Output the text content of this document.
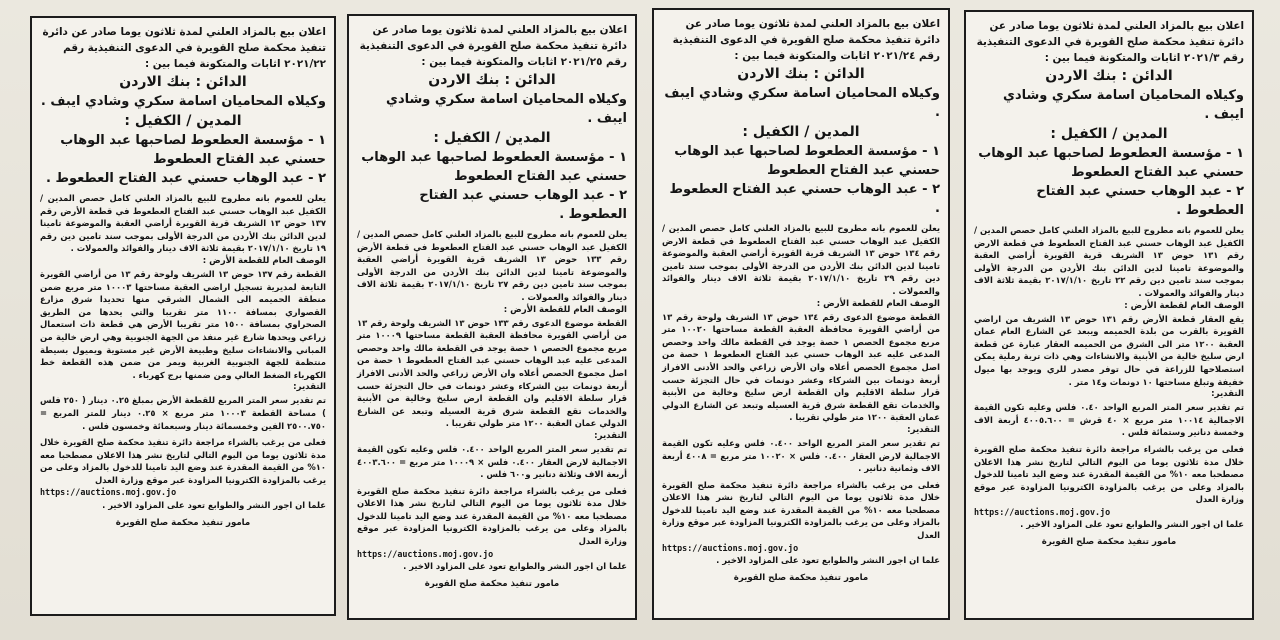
اعلان بيع بالمزاد العلني لمدة ثلاثون يوما صادر عن دائرة تنفيذ محكمة صلح القويرة في الدعوى التنفيذية رقم ٢٠٢١/٣ اثابات والمتكونة فيما بين :
الدائن : بنك الاردن
وكيلاه المحاميان اسامة سكري وشادي ايبف .
المدين / الكفيل :
١ - مؤسسة العطعوط لصاحبها عبد الوهاب حسني عبد الفتاح العطعوط
٢ - عبد الوهاب حسني عبد الفتاح العطعوط .
يعلن للعموم بانه مطروح للبيع بالمزاد العلني كامل حصص المدين / الكفيل عبد الوهاب حسني عبد الفتاح العطعوط في قطعة الارض رقم ١٣١ حوض ١٣ الشريف قرية القويرة أراضي العقبة والموضوعة تامينا لدين الدائن بنك الأردن من الدرجة الأولى بموجب سند تامين دين رقم ٢٢ تاريخ ٢٠١٧/١/١٠ بقيمة ثلاثة الاف دينار والفوائد والعمولات .
الوصف العام لقطعة الأرض :
يقع العقار قطعة الأرض رقم ١٣١ حوض ١٣ الشريف من اراضي القويرة بالقرب من بلدة الحميمه ويبعد عن الشارع العام عمان العقبة ١٢٠٠ متر الى الشرق من الحميمه العقار عبارة عن قطعة ارض سليخ خالية من الأبنية والانشاءات وهي ذات تربة رملية يمكن استصلاحها للزراعة في حال توفر مصدر للري ويوجد بها ميول خفيفة وتبلغ مساحتها ١٠ دونمات و١٤ متر .
التقدير:
تم تقدير سعر المتر المربع الواحد ٠.٤٠ فلس وعليه تكون القيمة الاجمالية ١٠٠١٤ متر مربع × ٤٠ قرش = ٤٠٠٥.٦٠٠ أربعة الاف وخمسة دنانير وستمائة فلس .
فعلى من يرغب بالشراء مراجعة دائرة تنفيذ محكمة صلح القويرة خلال مدة ثلاثون يوما من اليوم التالي لتاريخ نشر هذا الاعلان مصطحبا معه ١٠% من القيمة المقدرة عند وضع اليد تامينا للدخول بالمزاد وعلى من يرغب بالمزاودة الكترونيا المزاودة عبر موقع وزارة العدل
https://auctions.moj.gov.jo
علما ان اجور النشر والطوابع تعود على المزاود الاخير .
مامور تنفيذ محكمة صلح القويرة
اعلان بيع بالمزاد العلني لمدة ثلاثون يوما صادر عن دائرة تنفيذ محكمة صلح القويرة في الدعوى التنفيذية رقم ٢٠٢١/٢٤ اثابات والمتكونة فيما بين :
الدائن : بنك الاردن
وكيلاه المحاميان اسامة سكري وشادي ايبف .
المدين / الكفيل :
١ - مؤسسة العطعوط لصاحبها عبد الوهاب حسني عبد الفتاح العطعوط
٢ - عبد الوهاب حسني عبد الفتاح العطعوط .
يعلن للعموم بانه مطروح للبيع بالمزاد العلني كامل حصص المدين / الكفيل عبد الوهاب حسني عبد الفتاح العطعوط في قطعة الارض رقم ١٣٤ حوض ١٣ الشريف قرية القويرة أراضي العقبة والموضوعة تامينا لدين الدائن بنك الأردن من الدرجة الأولى بموجب سند تامين دين رقم ٢٩ تاريخ ٢٠١٧/١/١٠ بقيمة ثلاثة الاف دينار والفوائد والعمولات .
الوصف العام للقطعة الأرض :
القطعة موضوع الدعوى رقم ١٣٤ حوض ١٣ الشريف ولوحة رقم ١٣ من أراضي القويرة محافظة العقبة القطعة مساحتها ١٠٠٢٠ متر مربع مجموع الحصص ١ حصة يوجد في القطعة مالك واحد وحصص المدعى عليه عبد الوهاب حسني عبد الفتاح العطعوط ١ حصة من اصل مجموع الحصص أعلاه وان الأرض زراعي والحد الأدنى الافراز أربعة دونمات بين الشركاء وعشر دونمات في حال التجزئة حسب قرار سلطة الاقليم وان القطعة ارض سليخ وخالية من الأبنية والخدمات تقع القطعة شرق قرية العسيله وتبعد عن الشارع الدولي عمان العقبة ١٢٠٠ متر طولي تقريبا .
التقدير:
تم تقدير سعر المتر المربع الواحد ٠.٤٠٠ فلس وعليه تكون القيمة الاجمالية لارض العقار ٠.٤٠٠ فلس × ١٠٠٢٠ متر مربع = ٤٠٠٨ أربعة الاف وثمانية دنانير .
فعلى من يرغب بالشراء مراجعة دائرة تنفيذ محكمة صلح القويرة خلال مدة ثلاثون يوما من اليوم التالي لتاريخ نشر هذا الاعلان مصطحبا معه ١٠% من القيمة المقدرة عند وضع اليد تامينا للدخول بالمزاد وعلى من يرغب بالمزاودة الكترونيا المزاودة عبر موقع وزارة العدل
https://auctions.moj.gov.jo
علما ان اجور النشر والطوابع تعود على المزاود الاخير .
مامور تنفيذ محكمة صلح القويرة
اعلان بيع بالمزاد العلني لمدة ثلاثون يوما صادر عن دائرة تنفيذ محكمة صلح القويرة في الدعوى التنفيذية رقم ٢٠٢١/٢٥ اثابات والمتكونة فيما بين :
الدائن : بنك الاردن
وكيلاه المحاميان اسامة سكري وشادي ايبف .
المدين / الكفيل :
١ - مؤسسة العطعوط لصاحبها عبد الوهاب حسني عبد الفتاح العطعوط
٢ - عبد الوهاب حسني عبد الفتاح العطعوط .
يعلن للعموم بانه مطروح للبيع بالمزاد العلني كامل حصص المدين / الكفيل عبد الوهاب حسني عبد الفتاح العطعوط في قطعة الأرض رقم ١٣٣ حوض ١٣ الشريف قرية القويرة أراضي العقبة والموضوعة تامينا لدين الدائن بنك الأردن من الدرجة الأولى بموجب سند تامين دين رقم ٢٧ تاريخ ٢٠١٧/١/١٠ بقيمة ثلاثة الاف دينار والفوائد والعمولات .
الوصف العام للقطعة الأرض :
القطعة موضوع الدعوى رقم ١٣٣ حوض ١٣ الشريف ولوحة رقم ١٣ من أراضي القويرة محافظة العقبة القطعة مساحتها ١٠٠٠٩ متر مربع مجموع الحصص ١ حصة يوجد في القطعة مالك واحد وحصص المدعى عليه عبد الوهاب حسني عبد الفتاح العطعوط ١ حصة من اصل مجموع الحصص أعلاه وان الأرض زراعي والحد الأدنى الافراز أربعة دونمات بين الشركاء وعشر دونمات في حال التجزئة حسب قرار سلطة الاقليم وان القطعة ارض سليخ وخالية من الأبنية والخدمات تقع القطعة شرق قرية العسيله وتبعد عن الشارع الدولي عمان العقبة ١٢٠٠ متر طولي تقريبا .
التقدير:
تم تقدير سعر المتر المربع الواحد ٠.٤٠٠ فلس وعليه تكون القيمة الاجمالية لارض العقار ٠.٤٠٠ فلس × ١٠٠٠٩ متر مربع = ٤٠٠٣.٦٠٠ أربعة الاف وثلاثة دنانير و٦٠٠ فلس .
فعلى من يرغب بالشراء مراجعة دائرة تنفيذ محكمة صلح القويرة خلال مدة ثلاثون يوما من اليوم التالي لتاريخ نشر هذا الاعلان مصطحبا معه ١٠% من القيمة المقدرة عند وضع اليد تامينا للدخول بالمزاد وعلى من يرغب بالمزاودة الكترونيا المزاودة عبر موقع وزارة العدل
https://auctions.moj.gov.jo
علما ان اجور النشر والطوابع تعود على المزاود الاخير .
مامور تنفيذ محكمة صلح القويرة
اعلان بيع بالمزاد العلني لمدة ثلاثون يوما صادر عن دائرة تنفيذ محكمة صلح القويرة في الدعوى التنفيذية رقم ٢٠٢١/٢٢ اثابات والمتكونة فيما بين :
الدائن : بنك الاردن
وكيلاه المحاميان اسامة سكري وشادي ايبف .
المدين / الكفيل :
١ - مؤسسة العطعوط لصاحبها عبد الوهاب حسني عبد الفتاح العطعوط
٢ - عبد الوهاب حسني عبد الفتاح العطعوط .
يعلن للعموم بانه مطروح للبيع بالمزاد العلني كامل حصص المدين / الكفيل عبد الوهاب حسني عبد الفتاح العطعوط في قطعة الأرض رقم ١٣٧ حوض ١٣ الشريف قرية القويرة أراضي العقبة والموضوعة تامينا لدين الدائن بنك الأردن من الدرجة الأولى بموجب سند تامين دين رقم ١٩ تاريخ ٢٠١٧/١/١٠ بقيمة ثلاثة الاف دينار والفوائد والعمولات .
الوصف العام للقطعة الأرض :
القطعة رقم ١٣٧ حوض ١٣ الشريف ولوحة رقم ١٣ من أراضي القويرة التابعة لمديرية تسجيل اراضي العقبة مساحتها ١٠٠٠٣ متر مربع ضمن منطقة الحميمه الى الشمال الشرقي منها تحديدا شرق مزارع القصواري بمسافة ١١٠٠ متر تقريبا والتي يحدها من الطريق الصحراوي بمسافة ١٥٠٠ متر تقريبا الأرض هي قطعة ذات استعمال زراعي ويحدها شارع غير منفذ من الجهة الجنوبية وهي ارض خالية من المباني والانشاءات سليخ وطبيعة الأرض غير مستوية ويميول بسيطة منتظمة للجهة الجنوبية الغربية ويمر من ضمن هذه القطعة خط الكهرباء الضغط العالي ومن ضمنها برج كهرباء .
التقدير:
تم تقدير سعر المتر المربع للقطعة الأرض بمبلغ ٠.٢٥ دينار ( ٢٥٠ فلس ) مساحة القطعة ١٠٠٠٣ متر مربع × ٠.٢٥ دينار للمتر المربع = ٢٥٠٠.٧٥٠ الفين وخمسمائة دينار وسبعمائة وخمسون فلس .
فعلى من يرغب بالشراء مراجعة دائرة تنفيذ محكمة صلح القويرة خلال مدة ثلاثون يوما من اليوم التالي لتاريخ نشر هذا الاعلان مصطحبا معه ١٠% من القيمة المقدرة عند وضع اليد تامينا للدخول بالمزاد وعلى من يرغب بالمزاودة الكترونيا المزاودة عبر موقع وزارة العدل
https://auctions.moj.gov.jo
علما ان اجور النشر والطوابع تعود على المزاود الاخير .
مامور تنفيذ محكمة صلح القويرة
